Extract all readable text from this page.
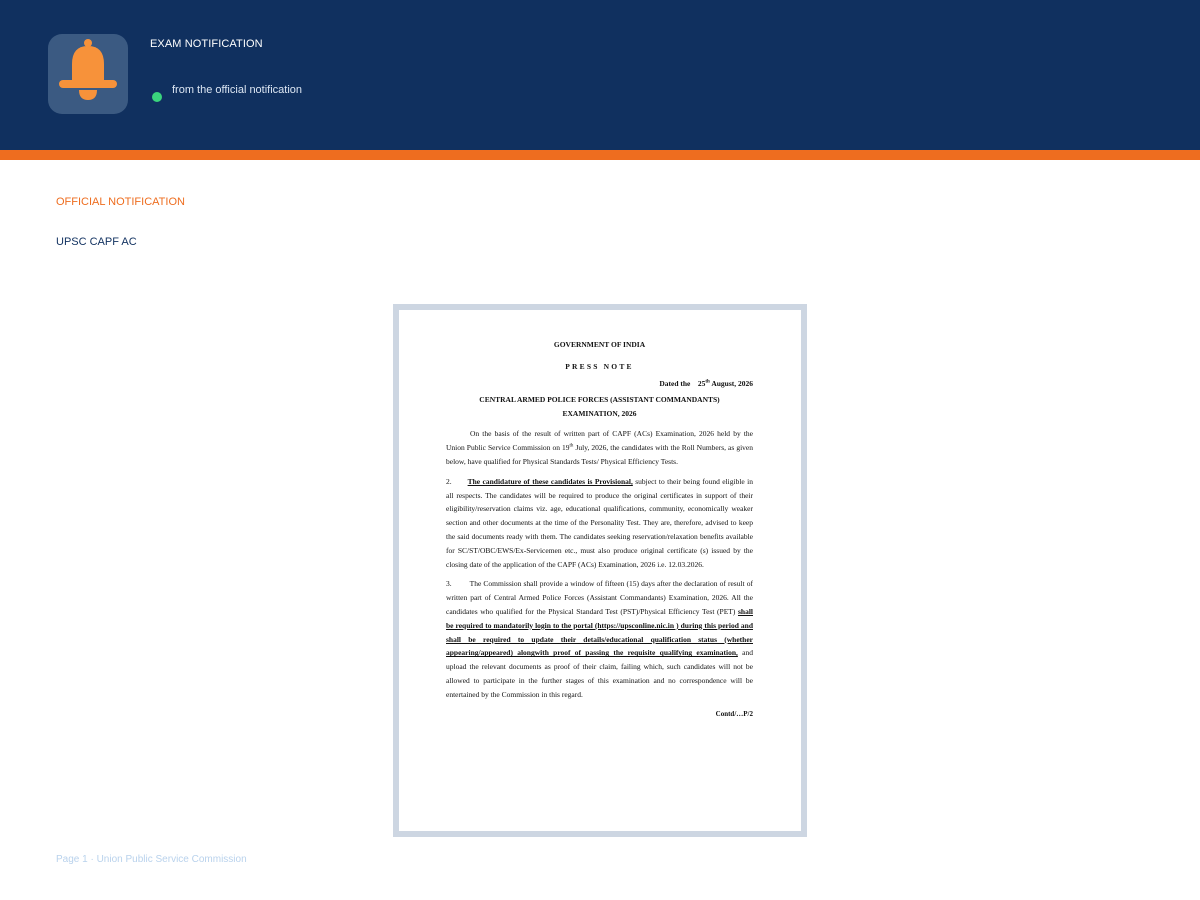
EXAM NOTIFICATION
from the official notification
OFFICIAL NOTIFICATION
UPSC CAPF AC
GOVERNMENT OF INDIA
PRESS NOTE
Dated the 25th August, 2026
CENTRAL ARMED POLICE FORCES (ASSISTANT COMMANDANTS)
EXAMINATION, 2026

On the basis of the result of written part of CAPF (ACs) Examination, 2026 held by the Union Public Service Commission on 19th July, 2026, the candidates with the Roll Numbers, as given below, have qualified for Physical Standards Tests/ Physical Efficiency Tests.

2. The candidature of these candidates is Provisional, subject to their being found eligible in all respects. The candidates will be required to produce the original certificates in support of their eligibility/reservation claims viz. age, educational qualifications, community, economically weaker section and other documents at the time of the Personality Test. They are, therefore, advised to keep the said documents ready with them. The candidates seeking reservation/relaxation benefits available for SC/ST/OBC/EWS/Ex-Servicemen etc., must also produce original certificate (s) issued by the closing date of the application of the CAPF (ACs) Examination, 2026 i.e. 12.03.2026.

3. The Commission shall provide a window of fifteen (15) days after the declaration of result of written part of Central Armed Police Forces (Assistant Commandants) Examination, 2026. All the candidates who qualified for the Physical Standard Test (PST)/Physical Efficiency Test (PET) shall be required to mandatorily login to the portal (https://upsconline.nic.in ) during this period and shall be required to update their details/educational qualification status (whether appearing/appeared) alongwith proof of passing the requisite qualifying examination, and upload the relevant documents as proof of their claim, failing which, such candidates will not be allowed to participate in the further stages of this examination and no correspondence will be entertained by the Commission in this regard.

Contd/…P/2
Page 1 · Union Public Service Commission
